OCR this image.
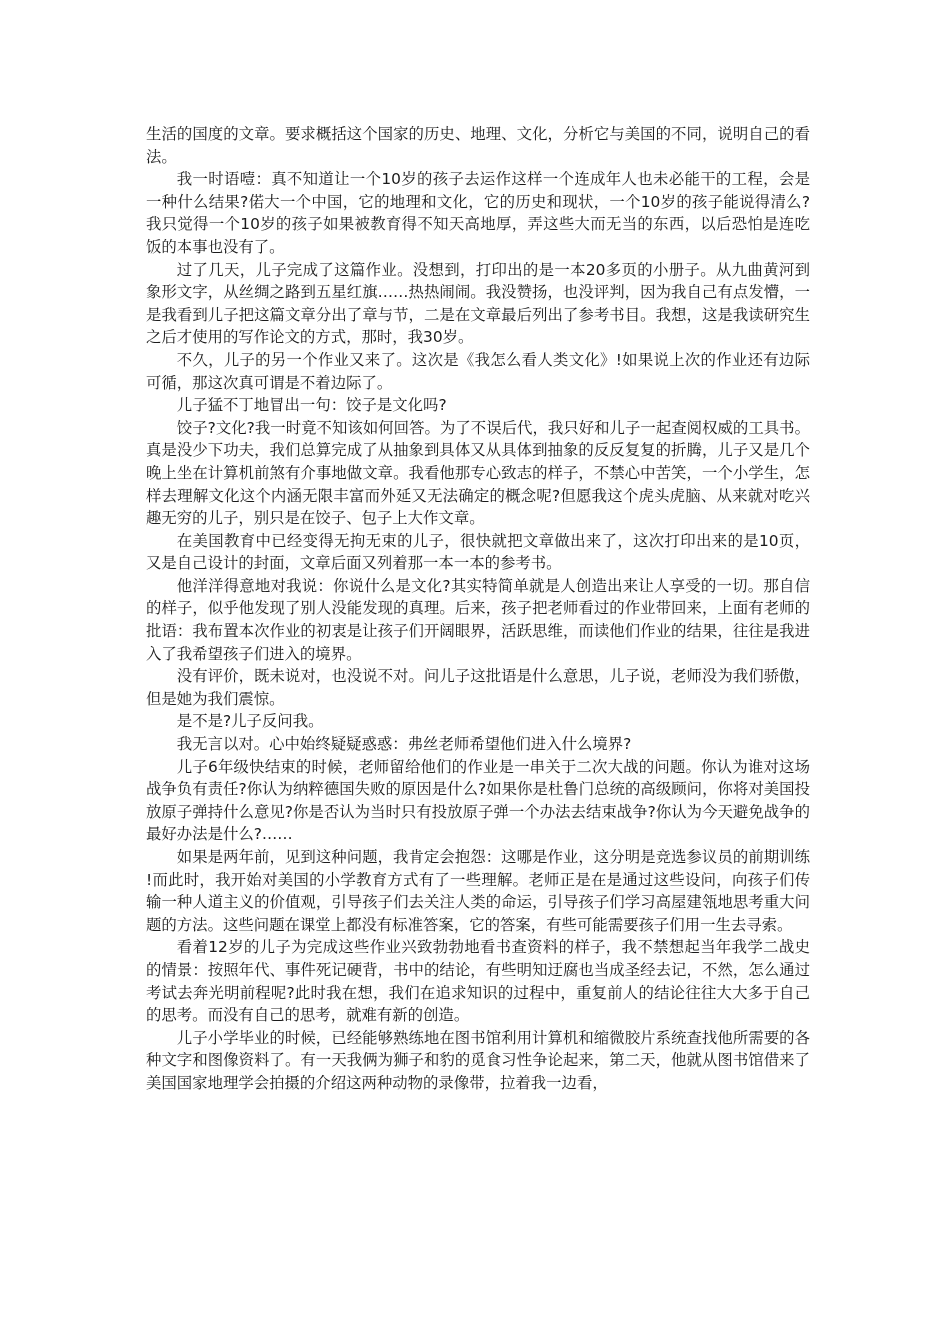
生活的国度的文章。要求概括这个国家的历史、地理、文化，分析它与美国的不同，说明自己的看法。

我一时语噎：真不知道让一个10岁的孩子去运作这样一个连成年人也未必能干的工程，会是一种什么结果?偌大一个中国，它的地理和文化，它的历史和现状，一个10岁的孩子能说得清么?我只觉得一个10岁的孩子如果被教育得不知天高地厚，弄这些大而无当的东西，以后恐怕是连吃饭的本事也没有了。

过了几天，儿子完成了这篇作业。没想到，打印出的是一本20多页的小册子。从九曲黄河到象形文字，从丝绸之路到五星红旗……热热闹闹。我没赞扬，也没评判，因为我自己有点发懵，一是我看到儿子把这篇文章分出了章与节，二是在文章最后列出了参考书目。我想，这是我读研究生之后才使用的写作论文的方式，那时，我30岁。

不久，儿子的另一个作业又来了。这次是《我怎么看人类文化》!如果说上次的作业还有边际可循，那这次真可谓是不着边际了。

儿子猛不丁地冒出一句：饺子是文化吗?

饺子?文化?我一时竟不知该如何回答。为了不误后代，我只好和儿子一起查阅权威的工具书。真是没少下功夫，我们总算完成了从抽象到具体又从具体到抽象的反反复复的折腾，儿子又是几个晚上坐在计算机前煞有介事地做文章。我看他那专心致志的样子，不禁心中苦笑，一个小学生，怎样去理解文化这个内涵无限丰富而外延又无法确定的概念呢?但愿我这个虎头虎脑、从来就对吃兴趣无穷的儿子，别只是在饺子、包子上大作文章。

在美国教育中已经变得无拘无束的儿子，很快就把文章做出来了，这次打印出来的是10页，又是自己设计的封面，文章后面又列着那一本一本的参考书。

他洋洋得意地对我说：你说什么是文化?其实特简单就是人创造出来让人享受的一切。那自信的样子，似乎他发现了别人没能发现的真理。后来，孩子把老师看过的作业带回来，上面有老师的批语：我布置本次作业的初衷是让孩子们开阔眼界，活跃思维，而读他们作业的结果，往往是我进入了我希望孩子们进入的境界。

没有评价，既未说对，也没说不对。问儿子这批语是什么意思，儿子说，老师没为我们骄傲，但是她为我们震惊。

是不是?儿子反问我。

我无言以对。心中始终疑疑惑惑：弗丝老师希望他们进入什么境界?

儿子6年级快结束的时候，老师留给他们的作业是一串关于二次大战的问题。你认为谁对这场战争负有责任?你认为纳粹德国失败的原因是什么?如果你是杜鲁门总统的高级顾问，你将对美国投放原子弹持什么意见?你是否认为当时只有投放原子弹一个办法去结束战争?你认为今天避免战争的最好办法是什么?……

如果是两年前，见到这种问题，我肯定会抱怨：这哪是作业，这分明是竞选参议员的前期训练!而此时，我开始对美国的小学教育方式有了一些理解。老师正是在是通过这些设问，向孩子们传输一种人道主义的价值观，引导孩子们去关注人类的命运，引导孩子们学习高屋建瓴地思考重大问题的方法。这些问题在课堂上都没有标准答案，它的答案，有些可能需要孩子们用一生去寻索。

看着12岁的儿子为完成这些作业兴致勃勃地看书查资料的样子，我不禁想起当年我学二战史的情景：按照年代、事件死记硬背，书中的结论，有些明知迂腐也当成圣经去记，不然，怎么通过考试去奔光明前程呢?此时我在想，我们在追求知识的过程中，重复前人的结论往往大大多于自己的思考。而没有自己的思考，就难有新的创造。

儿子小学毕业的时候，已经能够熟练地在图书馆利用计算机和缩微胶片系统查找他所需要的各种文字和图像资料了。有一天我俩为狮子和豹的觅食习性争论起来，第二天，他就从图书馆借来了美国国家地理学会拍摄的介绍这两种动物的录像带，拉着我一边看，
